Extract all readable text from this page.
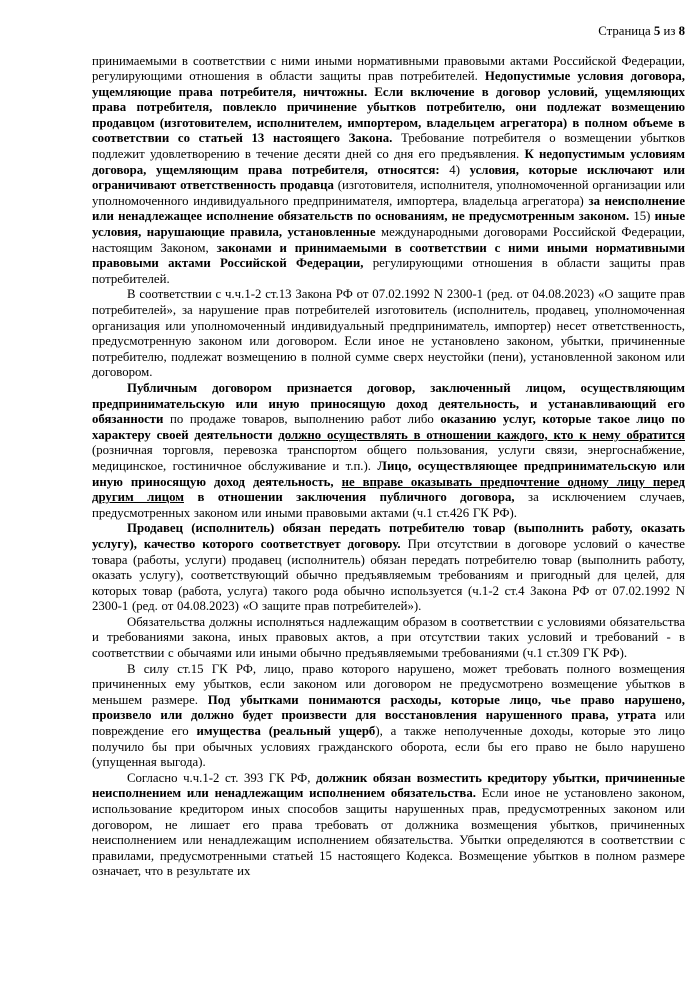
Страница 5 из 8

принимаемыми в соответствии с ними иными нормативными правовыми актами Российской Федерации, регулирующими отношения в области защиты прав потребителей. Недопустимые условия договора, ущемляющие права потребителя, ничтожны. Если включение в договор условий, ущемляющих права потребителя, повлекло причинение убытков потребителю, они подлежат возмещению продавцом (изготовителем, исполнителем, импортером, владельцем агрегатора) в полном объеме в соответствии со статьей 13 настоящего Закона. Требование потребителя о возмещении убытков подлежит удовлетворению в течение десяти дней со дня его предъявления. К недопустимым условиям договора, ущемляющим права потребителя, относятся: 4) условия, которые исключают или ограничивают ответственность продавца (изготовителя, исполнителя, уполномоченной организации или уполномоченного индивидуального предпринимателя, импортера, владельца агрегатора) за неисполнение или ненадлежащее исполнение обязательств по основаниям, не предусмотренным законом. 15) иные условия, нарушающие правила, установленные международными договорами Российской Федерации, настоящим Законом, законами и принимаемыми в соответствии с ними иными нормативными правовыми актами Российской Федерации, регулирующими отношения в области защиты прав потребителей.

В соответствии с ч.ч.1-2 ст.13 Закона РФ от 07.02.1992 N 2300-1 (ред. от 04.08.2023) «О защите прав потребителей», за нарушение прав потребителей изготовитель (исполнитель, продавец, уполномоченная организация или уполномоченный индивидуальный предприниматель, импортер) несет ответственность, предусмотренную законом или договором. Если иное не установлено законом, убытки, причиненные потребителю, подлежат возмещению в полной сумме сверх неустойки (пени), установленной законом или договором.

Публичным договором признается договор, заключенный лицом, осуществляющим предпринимательскую или иную приносящую доход деятельность, и устанавливающий его обязанности по продаже товаров, выполнению работ либо оказанию услуг, которые такое лицо по характеру своей деятельности должно осуществлять в отношении каждого, кто к нему обратится (розничная торговля, перевозка транспортом общего пользования, услуги связи, энергоснабжение, медицинское, гостиничное обслуживание и т.п.). Лицо, осуществляющее предпринимательскую или иную приносящую доход деятельность, не вправе оказывать предпочтение одному лицу перед другим лицом в отношении заключения публичного договора, за исключением случаев, предусмотренных законом или иными правовыми актами (ч.1 ст.426 ГК РФ).

Продавец (исполнитель) обязан передать потребителю товар (выполнить работу, оказать услугу), качество которого соответствует договору. При отсутствии в договоре условий о качестве товара (работы, услуги) продавец (исполнитель) обязан передать потребителю товар (выполнить работу, оказать услугу), соответствующий обычно предъявляемым требованиям и пригодный для целей, для которых товар (работа, услуга) такого рода обычно используется (ч.1-2 ст.4 Закона РФ от 07.02.1992 N 2300-1 (ред. от 04.08.2023) «О защите прав потребителей»).

Обязательства должны исполняться надлежащим образом в соответствии с условиями обязательства и требованиями закона, иных правовых актов, а при отсутствии таких условий и требований - в соответствии с обычаями или иными обычно предъявляемыми требованиями (ч.1 ст.309 ГК РФ).

В силу ст.15 ГК РФ, лицо, право которого нарушено, может требовать полного возмещения причиненных ему убытков, если законом или договором не предусмотрено возмещение убытков в меньшем размере. Под убытками понимаются расходы, которые лицо, чье право нарушено, произвело или должно будет произвести для восстановления нарушенного права, утрата или повреждение его имущества (реальный ущерб), а также неполученные доходы, которые это лицо получило бы при обычных условиях гражданского оборота, если бы его право не было нарушено (упущенная выгода).

Согласно ч.ч.1-2 ст. 393 ГК РФ, должник обязан возместить кредитору убытки, причиненные неисполнением или ненадлежащим исполнением обязательства. Если иное не установлено законом, использование кредитором иных способов защиты нарушенных прав, предусмотренных законом или договором, не лишает его права требовать от должника возмещения убытков, причиненных неисполнением или ненадлежащим исполнением обязательства. Убытки определяются в соответствии с правилами, предусмотренными статьей 15 настоящего Кодекса. Возмещение убытков в полном размере означает, что в результате их
